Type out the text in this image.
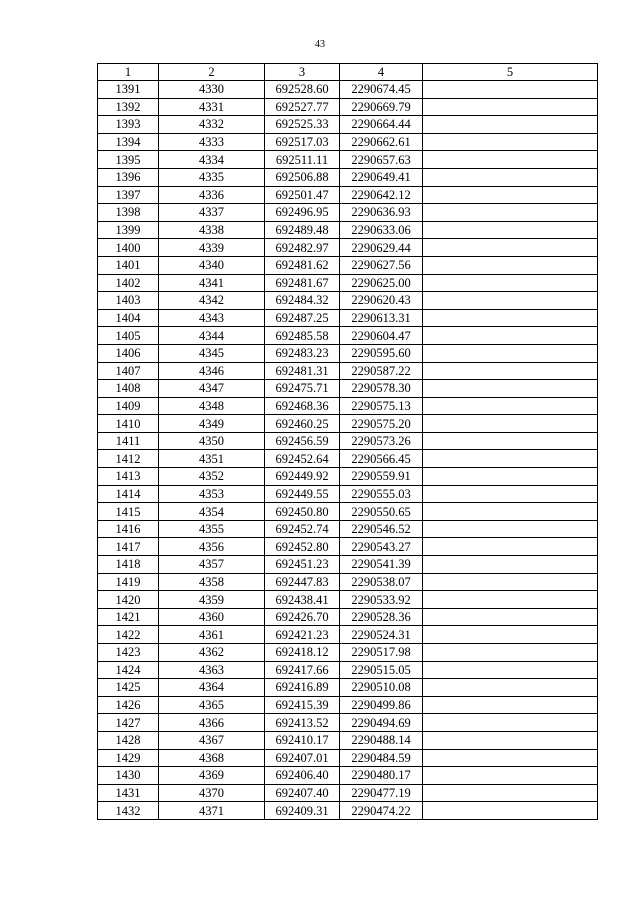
43
1	2	3	4	5
1391	4330	692528.60	2290674.45	
1392	4331	692527.77	2290669.79	
1393	4332	692525.33	2290664.44	
1394	4333	692517.03	2290662.61	
1395	4334	692511.11	2290657.63	
1396	4335	692506.88	2290649.41	
1397	4336	692501.47	2290642.12	
1398	4337	692496.95	2290636.93	
1399	4338	692489.48	2290633.06	
1400	4339	692482.97	2290629.44	
1401	4340	692481.62	2290627.56	
1402	4341	692481.67	2290625.00	
1403	4342	692484.32	2290620.43	
1404	4343	692487.25	2290613.31	
1405	4344	692485.58	2290604.47	
1406	4345	692483.23	2290595.60	
1407	4346	692481.31	2290587.22	
1408	4347	692475.71	2290578.30	
1409	4348	692468.36	2290575.13	
1410	4349	692460.25	2290575.20	
1411	4350	692456.59	2290573.26	
1412	4351	692452.64	2290566.45	
1413	4352	692449.92	2290559.91	
1414	4353	692449.55	2290555.03	
1415	4354	692450.80	2290550.65	
1416	4355	692452.74	2290546.52	
1417	4356	692452.80	2290543.27	
1418	4357	692451.23	2290541.39	
1419	4358	692447.83	2290538.07	
1420	4359	692438.41	2290533.92	
1421	4360	692426.70	2290528.36	
1422	4361	692421.23	2290524.31	
1423	4362	692418.12	2290517.98	
1424	4363	692417.66	2290515.05	
1425	4364	692416.89	2290510.08	
1426	4365	692415.39	2290499.86	
1427	4366	692413.52	2290494.69	
1428	4367	692410.17	2290488.14	
1429	4368	692407.01	2290484.59	
1430	4369	692406.40	2290480.17	
1431	4370	692407.40	2290477.19	
1432	4371	692409.31	2290474.22	
